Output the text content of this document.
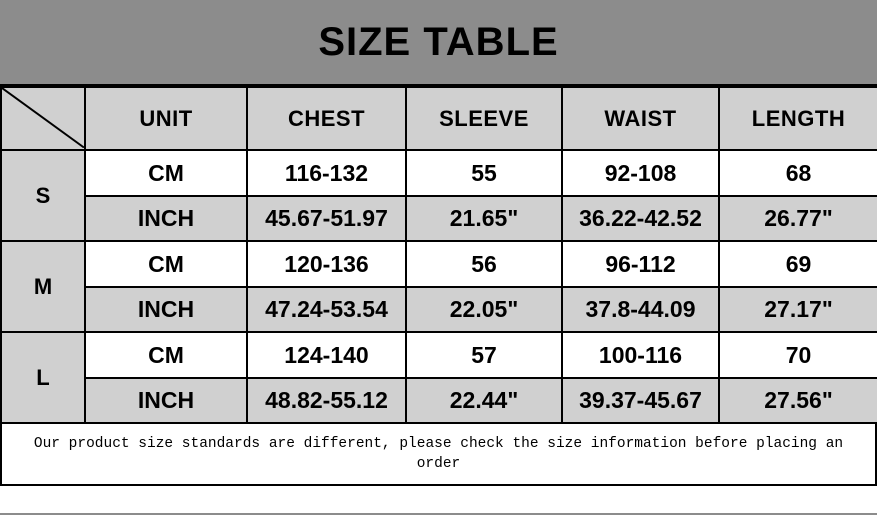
SIZE TABLE
	UNIT	CHEST	SLEEVE	WAIST	LENGTH
S	CM	116-132	55	92-108	68
	INCH	45.67-51.97	21.65"	36.22-42.52	26.77"
M	CM	120-136	56	96-112	69
	INCH	47.24-53.54	22.05"	37.8-44.09	27.17"
L	CM	124-140	57	100-116	70
	INCH	48.82-55.12	22.44"	39.37-45.67	27.56"
Our product size standards are different, please check the size information before placing an
order
